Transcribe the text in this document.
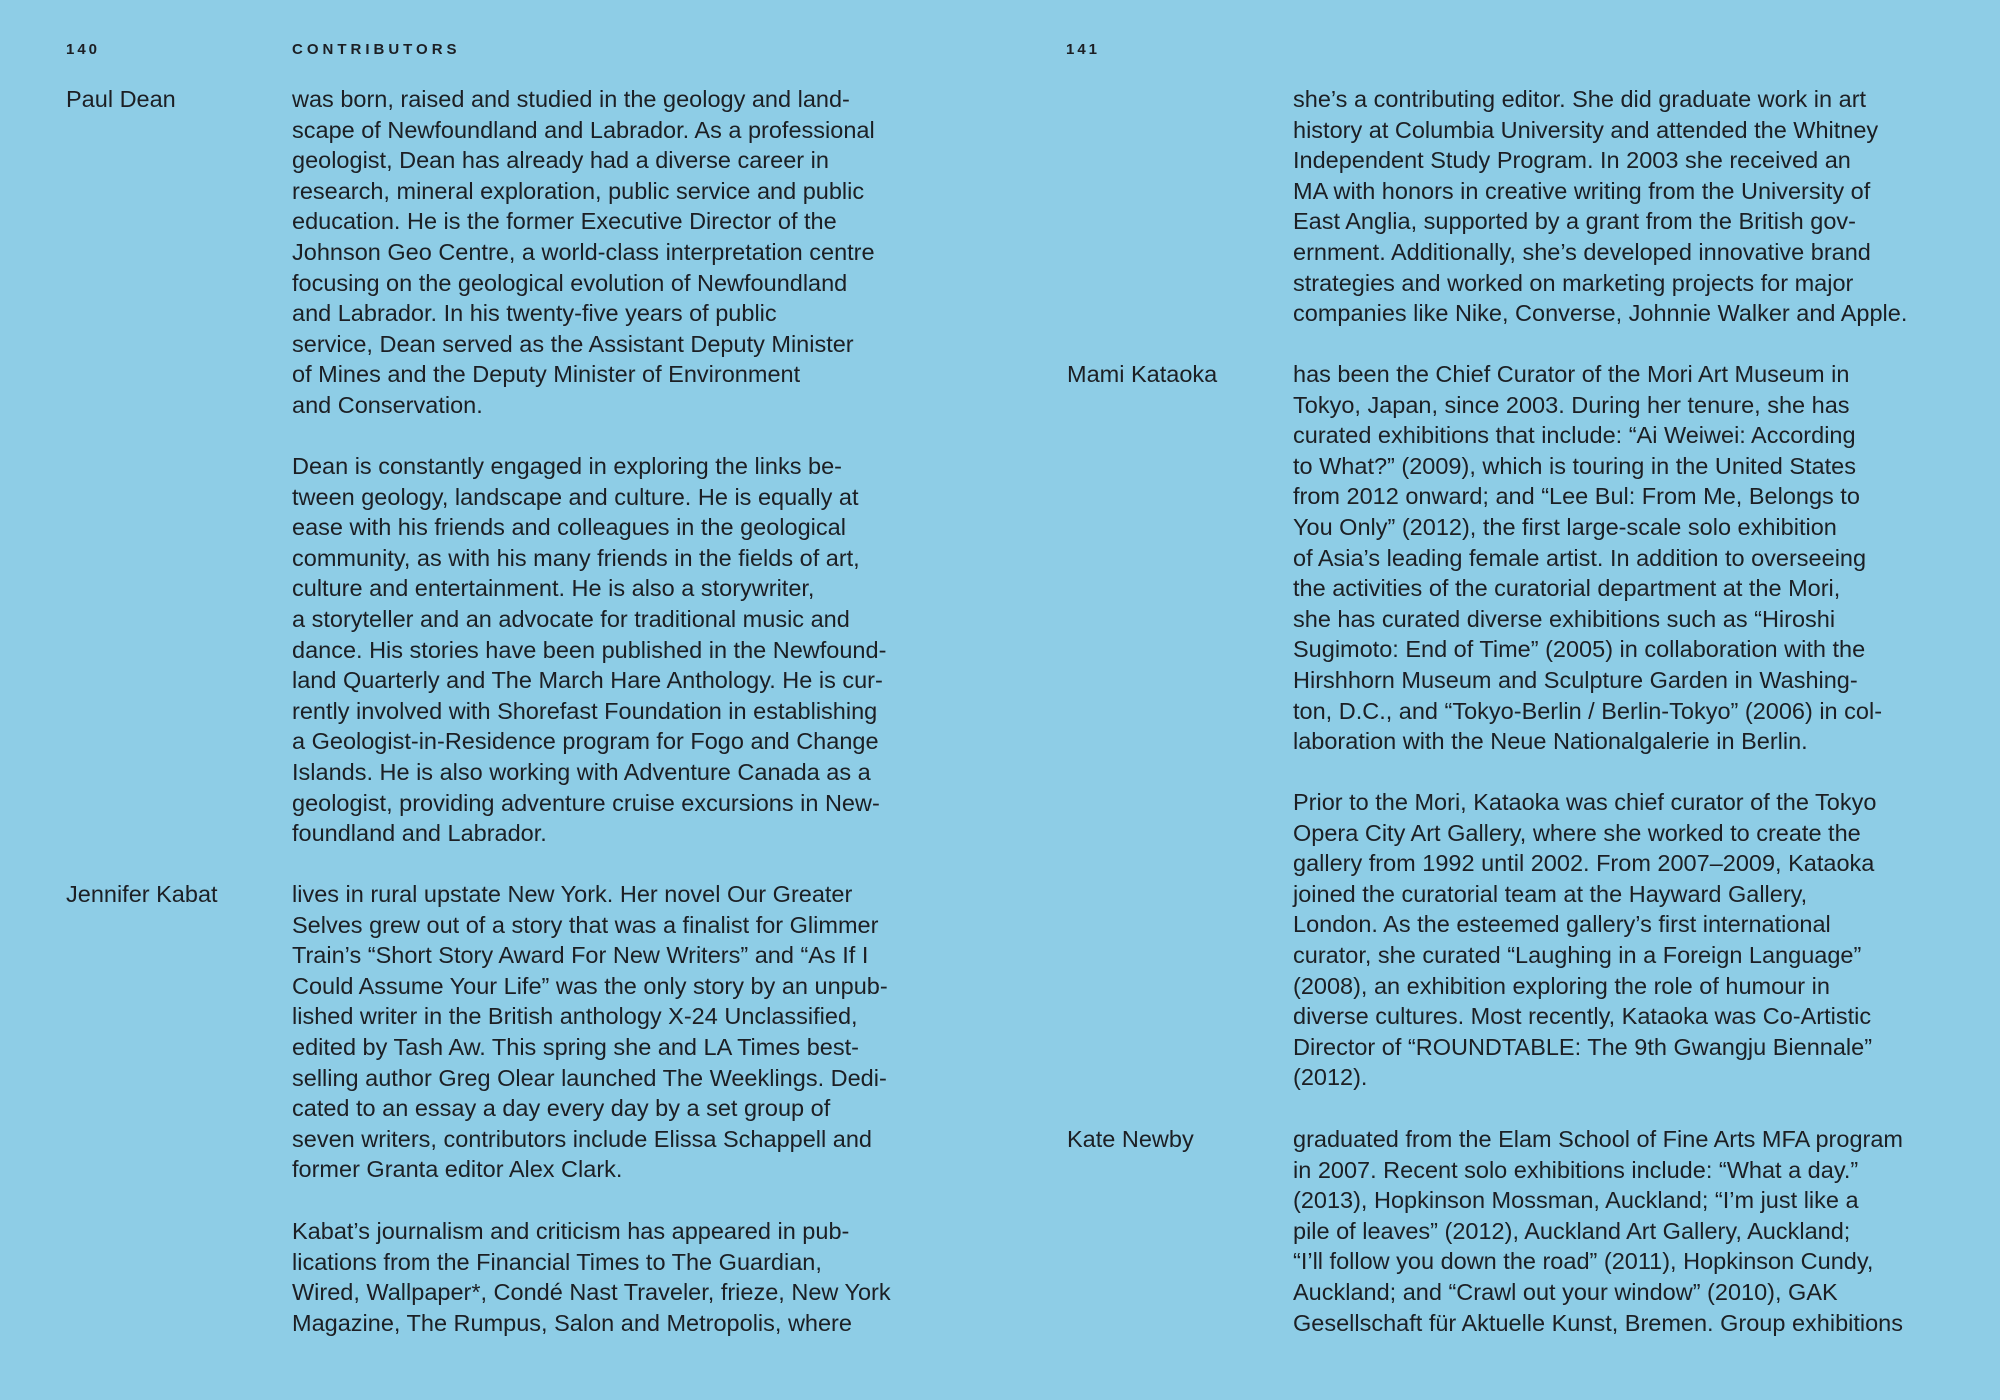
140	CONTRIBUTORS
Paul Dean	was born, raised and studied in the geology and land-
scape of Newfoundland and Labrador. As a professional
geologist, Dean has already had a diverse career in
research, mineral exploration, public service and public
education. He is the former Executive Director of the
Johnson Geo Centre, a world-class interpretation centre
focusing on the geological evolution of Newfoundland
and Labrador. In his twenty-five years of public
service, Dean served as the Assistant Deputy Minister
of Mines and the Deputy Minister of Environment
and Conservation.
Dean is constantly engaged in exploring the links be-
tween geology, landscape and culture. He is equally at
ease with his friends and colleagues in the geological
community, as with his many friends in the fields of art,
culture and entertainment. He is also a storywriter,
a storyteller and an advocate for traditional music and
dance. His stories have been published in the Newfound-
land Quarterly and The March Hare Anthology. He is cur-
rently involved with Shorefast Foundation in establishing
a Geologist-in-Residence program for Fogo and Change
Islands. He is also working with Adventure Canada as a
geologist, providing adventure cruise excursions in New-
foundland and Labrador.
Jennifer Kabat	lives in rural upstate New York. Her novel Our Greater
Selves grew out of a story that was a finalist for Glimmer
Train’s “Short Story Award For New Writers” and “As If I
Could Assume Your Life” was the only story by an unpub-
lished writer in the British anthology X-24 Unclassified,
edited by Tash Aw. This spring she and LA Times best-
selling author Greg Olear launched The Weeklings. Dedi-
cated to an essay a day every day by a set group of
seven writers, contributors include Elissa Schappell and
former Granta editor Alex Clark.
Kabat’s journalism and criticism has appeared in pub-
lications from the Financial Times to The Guardian,
Wired, Wallpaper*, Condé Nast Traveler, frieze, New York
Magazine, The Rumpus, Salon and Metropolis, where
141
she’s a contributing editor. She did graduate work in art
history at Columbia University and attended the Whitney
Independent Study Program. In 2003 she received an
MA with honors in creative writing from the University of
East Anglia, supported by a grant from the British gov-
ernment. Additionally, she’s developed innovative brand
strategies and worked on marketing projects for major
companies like Nike, Converse, Johnnie Walker and Apple.
Mami Kataoka	has been the Chief Curator of the Mori Art Museum in
Tokyo, Japan, since 2003. During her tenure, she has
curated exhibitions that include: “Ai Weiwei: According
to What?” (2009), which is touring in the United States
from 2012 onward; and “Lee Bul: From Me, Belongs to
You Only” (2012), the first large-scale solo exhibition
of Asia’s leading female artist. In addition to overseeing
the activities of the curatorial department at the Mori,
she has curated diverse exhibitions such as “Hiroshi
Sugimoto: End of Time” (2005) in collaboration with the
Hirshhorn Museum and Sculpture Garden in Washing-
ton, D.C., and “Tokyo-Berlin / Berlin-Tokyo” (2006) in col-
laboration with the Neue Nationalgalerie in Berlin.
Prior to the Mori, Kataoka was chief curator of the Tokyo
Opera City Art Gallery, where she worked to create the
gallery from 1992 until 2002. From 2007–2009, Kataoka
joined the curatorial team at the Hayward Gallery,
London. As the esteemed gallery’s first international
curator, she curated “Laughing in a Foreign Language”
(2008), an exhibition exploring the role of humour in
diverse cultures. Most recently, Kataoka was Co-Artistic
Director of “ROUNDTABLE: The 9th Gwangju Biennale”
(2012).
Kate Newby	graduated from the Elam School of Fine Arts MFA program
in 2007. Recent solo exhibitions include: “What a day.”
(2013), Hopkinson Mossman, Auckland; “I’m just like a
pile of leaves” (2012), Auckland Art Gallery, Auckland;
“I’ll follow you down the road” (2011), Hopkinson Cundy,
Auckland; and “Crawl out your window” (2010), GAK
Gesellschaft für Aktuelle Kunst, Bremen. Group exhibitions
